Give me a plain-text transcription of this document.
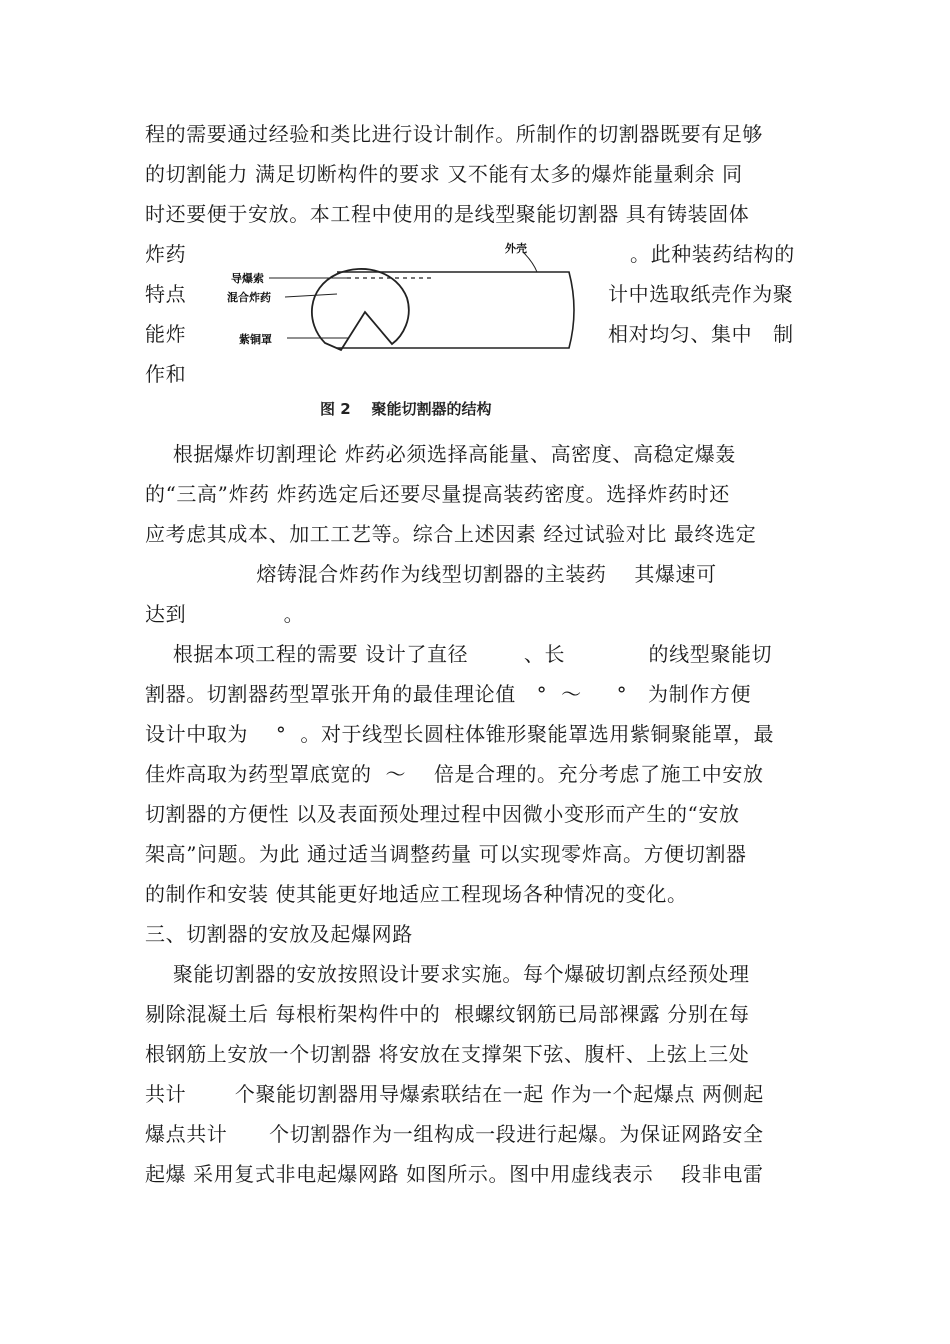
程的需要通过经验和类比进行设计制作。所制作的切割器既要有足够
的切割能力 满足切断构件的要求 又不能有太多的爆炸能量剩余 同
时还要便于安放。本工程中使用的是线型聚能切割器 具有铸装固体
炸药
特点
能炸
作和
。此种装药结构的
计中选取纸壳作为聚
相对均匀、集中   制
外壳
导爆索
混合炸药
紫铜罩
图 2    聚能切割器的结构
根据爆炸切割理论 炸药必须选择高能量、高密度、高稳定爆轰
的“三高”炸药 炸药选定后还要尽量提高装药密度。选择炸药时还
应考虑其成本、加工工艺等。综合上述因素 经过试验对比 最终选定
熔铸混合炸药作为线型切割器的主装药    其爆速可
达到              。
根据本项工程的需要 设计了直径        、长            的线型聚能切
割器。切割器药型罩张开角的最佳理论值   °  ～     °   为制作方便
设计中取为    °  。对于线型长圆柱体锥形聚能罩选用紫铜聚能罩，最
佳炸高取为药型罩底宽的  ～    倍是合理的。充分考虑了施工中安放
切割器的方便性 以及表面预处理过程中因微小变形而产生的“安放
架高”问题。为此 通过适当调整药量 可以实现零炸高。方便切割器
的制作和安装 使其能更好地适应工程现场各种情况的变化。
三、切割器的安放及起爆网路
聚能切割器的安放按照设计要求实施。每个爆破切割点经预处理
剔除混凝土后 每根桁架构件中的  根螺纹钢筋已局部裸露 分别在每
根钢筋上安放一个切割器 将安放在支撑架下弦、腹杆、上弦上三处
共计       个聚能切割器用导爆索联结在一起 作为一个起爆点 两侧起
爆点共计      个切割器作为一组构成一段进行起爆。为保证网路安全
起爆 采用复式非电起爆网路 如图所示。图中用虚线表示    段非电雷
